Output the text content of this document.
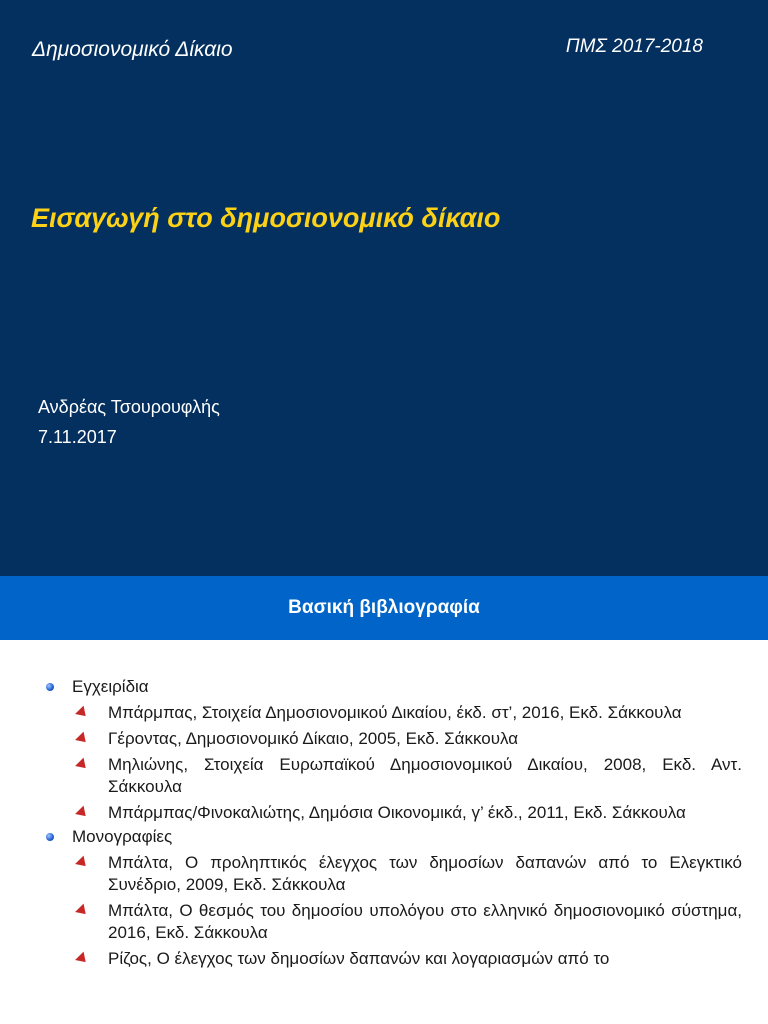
Δημοσιονομικό Δίκαιο	ΠΜΣ 2017-2018
Εισαγωγή στο δημοσιονομικό δίκαιο
Ανδρέας Τσουρουφλής
7.11.2017
Βασική βιβλιογραφία
Εγχειρίδια
Μπάρμπας, Στοιχεία Δημοσιονομικού Δικαίου, έκδ. στ’, 2016, Εκδ. Σάκκουλα
Γέροντας, Δημοσιονομικό Δίκαιο, 2005, Εκδ. Σάκκουλα
Μηλιώνης, Στοιχεία Ευρωπαϊκού Δημοσιονομικού Δικαίου, 2008, Εκδ. Αντ. Σάκκουλα
Μπάρμπας/Φινοκαλιώτης, Δημόσια Οικονομικά, γ’ έκδ., 2011, Εκδ. Σάκκουλα
Μονογραφίες
Μπάλτα, Ο προληπτικός έλεγχος των δημοσίων δαπανών από το Ελεγκτικό Συνέδριο, 2009, Εκδ. Σάκκουλα
Μπάλτα, Ο θεσμός του δημοσίου υπολόγου στο ελληνικό δημοσιονομικό σύστημα, 2016, Εκδ. Σάκκουλα
Ρίζος, Ο έλεγχος των δημοσίων δαπανών και λογαριασμών από το
